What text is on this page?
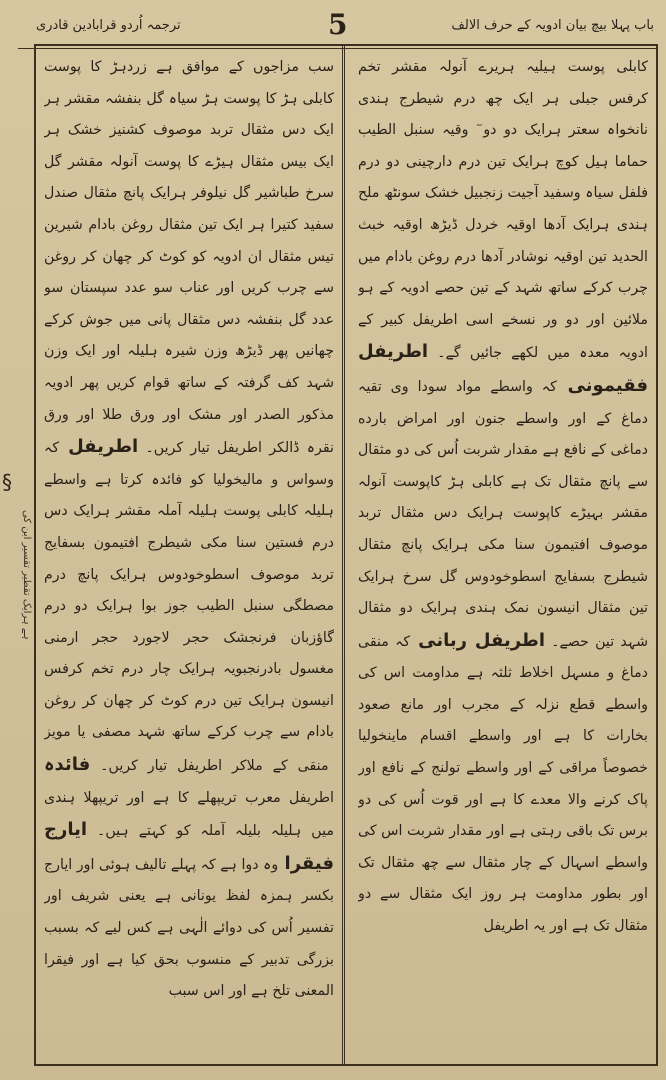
ترجمہ اُردو قرابادین قادری	5	باب پہلا بیچ بیان ادویہ کے حرف الالف
§
ہے ہرایک تقطیر تقسیر ابن کی
کابلی پوست ہیلیہ ہریرے آنولہ مقشر تخم کرفس جبلی ہر ایک چھ درم شیطرج ہندی نانخواہ سعتر ہرایک دو دو ٓ وقیہ سنبل الطیب حماما ہیل کوچ ہرایک تین درم دارچینی دو درم فلفل سیاہ وسفید آجیت زنجبیل خشک سونٹھ ملح ہندی ہرایک آدھا اوقیہ خردل ڈیڑھ اوقیہ خبث الحدید تین اوقیہ نوشادر آدھا درم روغن بادام میں چرب کرکے ساتھ شہد کے تین حصے ادویہ کے ہو ملائین اور دو ور نسخے اسی اطریفل کبیر کے ادویہ معدہ میں لکھے جائیں گے۔ اطریفل فقیمونی کہ واسطے مواد سودا وی تقیہ دماغ کے اور واسطے جنون اور امراض بارده دماغی کے نافع ہے مقدار شربت اُس کی دو مثقال سے پانچ مثقال تک ہے کابلی ہڑ کاپوست آنولہ مقشر بہیڑے کاپوست ہرایک دس مثقال تربد موصوف افتیمون سنا مکی ہرایک پانچ مثقال شیطرج بسفایج اسطوخودوس گل سرخ ہرایک تین مثقال انیسون نمک ہندی ہرایک دو مثقال شہد تین حصے۔ اطریفل ربانی کہ منقی دماغ و مسہل اخلاط ثلثہ ہے مداومت اس کی واسطے قطع نزلہ کے مجرب اور مانع صعود بخارات کا ہے اور واسطے اقسام ماینخولیا خصوصاً مراقی کے اور واسطے تولنج کے نافع اور پاک کرنے والا معدے کا ہے اور قوت اُس کی دو برس تک باقی رہتی ہے اور مقدار شربت اس کی واسطے اسہال کے چار مثقال سے چھ مثقال تک اور بطور مداومت ہر روز ایک مثقال سے دو مثقال تک ہے اور یہ اطریفل
سب مزاجوں کے موافق ہے زردہڑ کا پوست کابلی ہڑ کا پوست ہڑ سیاہ گل بنفشہ مقشر ہر ایک دس مثقال تربد موصوف کشنیز خشک ہر ایک بیس مثقال ہیڑے کا پوست آنولہ مقشر گل سرخ طباشیر گل نیلوفر ہرایک پانچ مثقال صندل سفید کتیرا ہر ایک تین مثقال روغن بادام شیرین تیس مثقال ان ادویہ کو کوٹ کر چھان کر روغن سے چرب کریں اور عناب سو عدد سپستان سو عدد گل بنفشہ دس مثقال پانی میں جوش کرکے چھانیں پھر ڈیڑھ وزن شیرہ ہلیلہ اور ایک وزن شہد کف گرفتہ کے ساتھ قوام کریں پھر ادویہ مذکور الصدر اور مشک اور ورق طلا اور ورق نقرہ ڈالکر اطریفل تیار کریں۔ اطریفل کہ وسواس و مالیخولیا کو فائدہ کرتا ہے واسطے ہلیلہ کابلی پوست ہلیلہ آملہ مقشر ہرایک دس درم فستین سنا مکی شیطرج افتیمون بسفایج تربد موصوف اسطوخودوس ہرایک پانچ درم مصطگی سنبل الطیب جوز بوا ہرایک دو درم گاؤزبان فرنجشک حجر لاجورد حجر ارمنی مغسول بادرنجبویہ ہرایک چار درم تخم کرفس انیسون ہرایک تین درم کوٹ کر چھان کر روغن بادام سے چرب کرکے ساتھ شہد مصفی یا مویز منقی کے ملاکر اطریفل تیار کریں۔ فائدہ اطریفل معرب تریپھلے کا ہے اور تریپھلا ہندی میں ہلیلہ بلیلہ آملہ کو کہتے ہیں۔ ایارج فیقرا وہ دوا ہے کہ پہلے تالیف ہوئی اور ایارج بکسر ہمزہ لفظ یونانی ہے یعنی شریف اور تفسیر اُس کی دوائے الٰہی ہے کس لیے کہ بسبب بزرگی تدبیر کے منسوب بحق کیا ہے اور فیقرا المعنی تلخ ہے اور اس سبب
